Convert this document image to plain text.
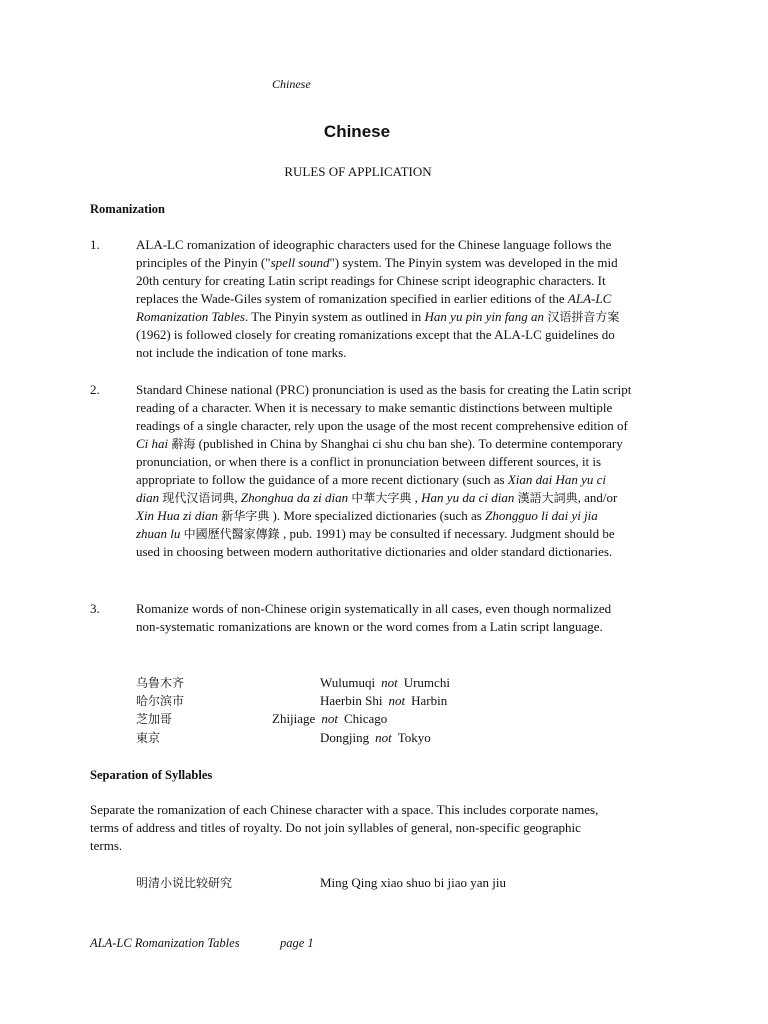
Chinese
Chinese
RULES OF APPLICATION
Romanization
1.	ALA-LC romanization of ideographic characters used for the Chinese language follows the principles of the Pinyin ("spell sound") system. The Pinyin system was developed in the mid 20th century for creating Latin script readings for Chinese script ideographic characters. It replaces the Wade-Giles system of romanization specified in earlier editions of the ALA-LC Romanization Tables. The Pinyin system as outlined in Han yu pin yin fang an 汉语拼音方案 (1962) is followed closely for creating romanizations except that the ALA-LC guidelines do not include the indication of tone marks.
2.	Standard Chinese national (PRC) pronunciation is used as the basis for creating the Latin script reading of a character. When it is necessary to make semantic distinctions between multiple readings of a single character, rely upon the usage of the most recent comprehensive edition of Ci hai 辭海 (published in China by Shanghai ci shu chu ban she). To determine contemporary pronunciation, or when there is a conflict in pronunciation between different sources, it is appropriate to follow the guidance of a more recent dictionary (such as Xian dai Han yu ci dian 现代汉语词典, Zhonghua da zi dian 中華大字典 , Han yu da ci dian 漢語大詞典, and/or Xin Hua zi dian 新华字典 ). More specialized dictionaries (such as Zhongguo li dai yi jia zhuan lu 中國歷代醫家傳錄 , pub. 1991) may be consulted if necessary. Judgment should be used in choosing between modern authoritative dictionaries and older standard dictionaries.
3.	Romanize words of non-Chinese origin systematically in all cases, even though normalized non-systematic romanizations are known or the word comes from a Latin script language.
乌鲁木齐	Wulumuqi not Urumchi
哈尔滨市	Haerbin Shi not Harbin
芝加哥	Zhijiage not Chicago
東京	Dongjing not Tokyo
Separation of Syllables
Separate the romanization of each Chinese character with a space. This includes corporate names, terms of address and titles of royalty. Do not join syllables of general, non-specific geographic terms.
明清小说比较研究	Ming Qing xiao shuo bi jiao yan jiu
ALA-LC Romanization Tables	page 1
